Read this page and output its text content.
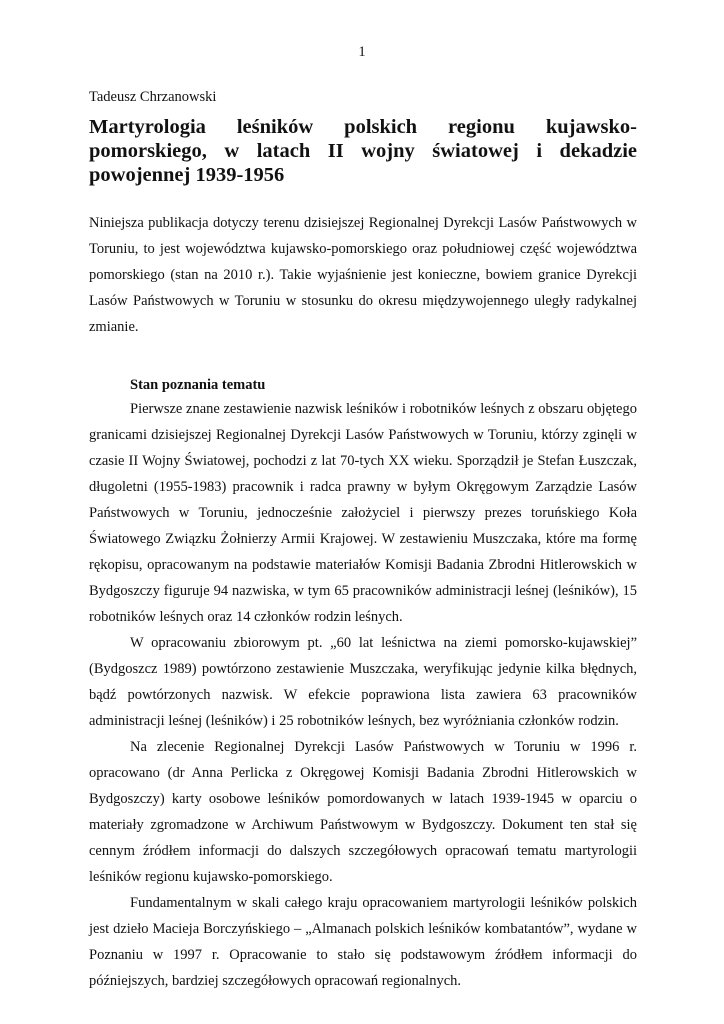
1

Tadeusz Chrzanowski

Martyrologia leśników polskich regionu kujawsko-pomorskiego, w latach II wojny światowej i dekadzie powojennej 1939-1956

Niniejsza publikacja dotyczy terenu dzisiejszej Regionalnej Dyrekcji Lasów Państwowych w Toruniu, to jest województwa kujawsko-pomorskiego oraz południowej część województwa pomorskiego (stan na 2010 r.). Takie wyjaśnienie jest konieczne, bowiem granice Dyrekcji Lasów Państwowych w Toruniu w stosunku do okresu międzywojennego uległy radykalnej zmianie.

Stan poznania tematu

Pierwsze znane zestawienie nazwisk leśników i robotników leśnych z obszaru objętego granicami dzisiejszej Regionalnej Dyrekcji Lasów Państwowych w Toruniu, którzy zginęli w czasie II Wojny Światowej, pochodzi z lat 70-tych XX wieku. Sporządził je Stefan Łuszczak, długoletni (1955-1983) pracownik i radca prawny w byłym Okręgowym Zarządzie Lasów Państwowych w Toruniu, jednocześnie założyciel i pierwszy prezes toruńskiego Koła Światowego Związku Żołnierzy Armii Krajowej. W zestawieniu Muszczaka, które ma formę rękopisu, opracowanym na podstawie materiałów Komisji Badania Zbrodni Hitlerowskich w Bydgoszczy figuruje 94 nazwiska, w tym 65 pracowników administracji leśnej (leśników), 15 robotników leśnych oraz 14 członków rodzin leśnych.

W opracowaniu zbiorowym pt. „60 lat leśnictwa na ziemi pomorsko-kujawskiej” (Bydgoszcz 1989) powtórzono zestawienie Muszczaka, weryfikując jedynie kilka błędnych, bądź powtórzonych nazwisk. W efekcie poprawiona lista zawiera 63 pracowników administracji leśnej (leśników) i 25 robotników leśnych, bez wyróżniania członków rodzin.

Na zlecenie Regionalnej Dyrekcji Lasów Państwowych w Toruniu w 1996 r. opracowano (dr Anna Perlicka z Okręgowej Komisji Badania Zbrodni Hitlerowskich w Bydgoszczy) karty osobowe leśników pomordowanych w latach 1939-1945 w oparciu o materiały zgromadzone w Archiwum Państwowym w Bydgoszczy. Dokument ten stał się cennym źródłem informacji do dalszych szczegółowych opracowań tematu martyrologii leśników regionu kujawsko-pomorskiego.

Fundamentalnym w skali całego kraju opracowaniem martyrologii leśników polskich jest dzieło Macieja Borczyńskiego – „Almanach polskich leśników kombatantów”, wydane w Poznaniu w 1997 r. Opracowanie to stało się podstawowym źródłem informacji do późniejszych, bardziej szczegółowych opracowań regionalnych.
